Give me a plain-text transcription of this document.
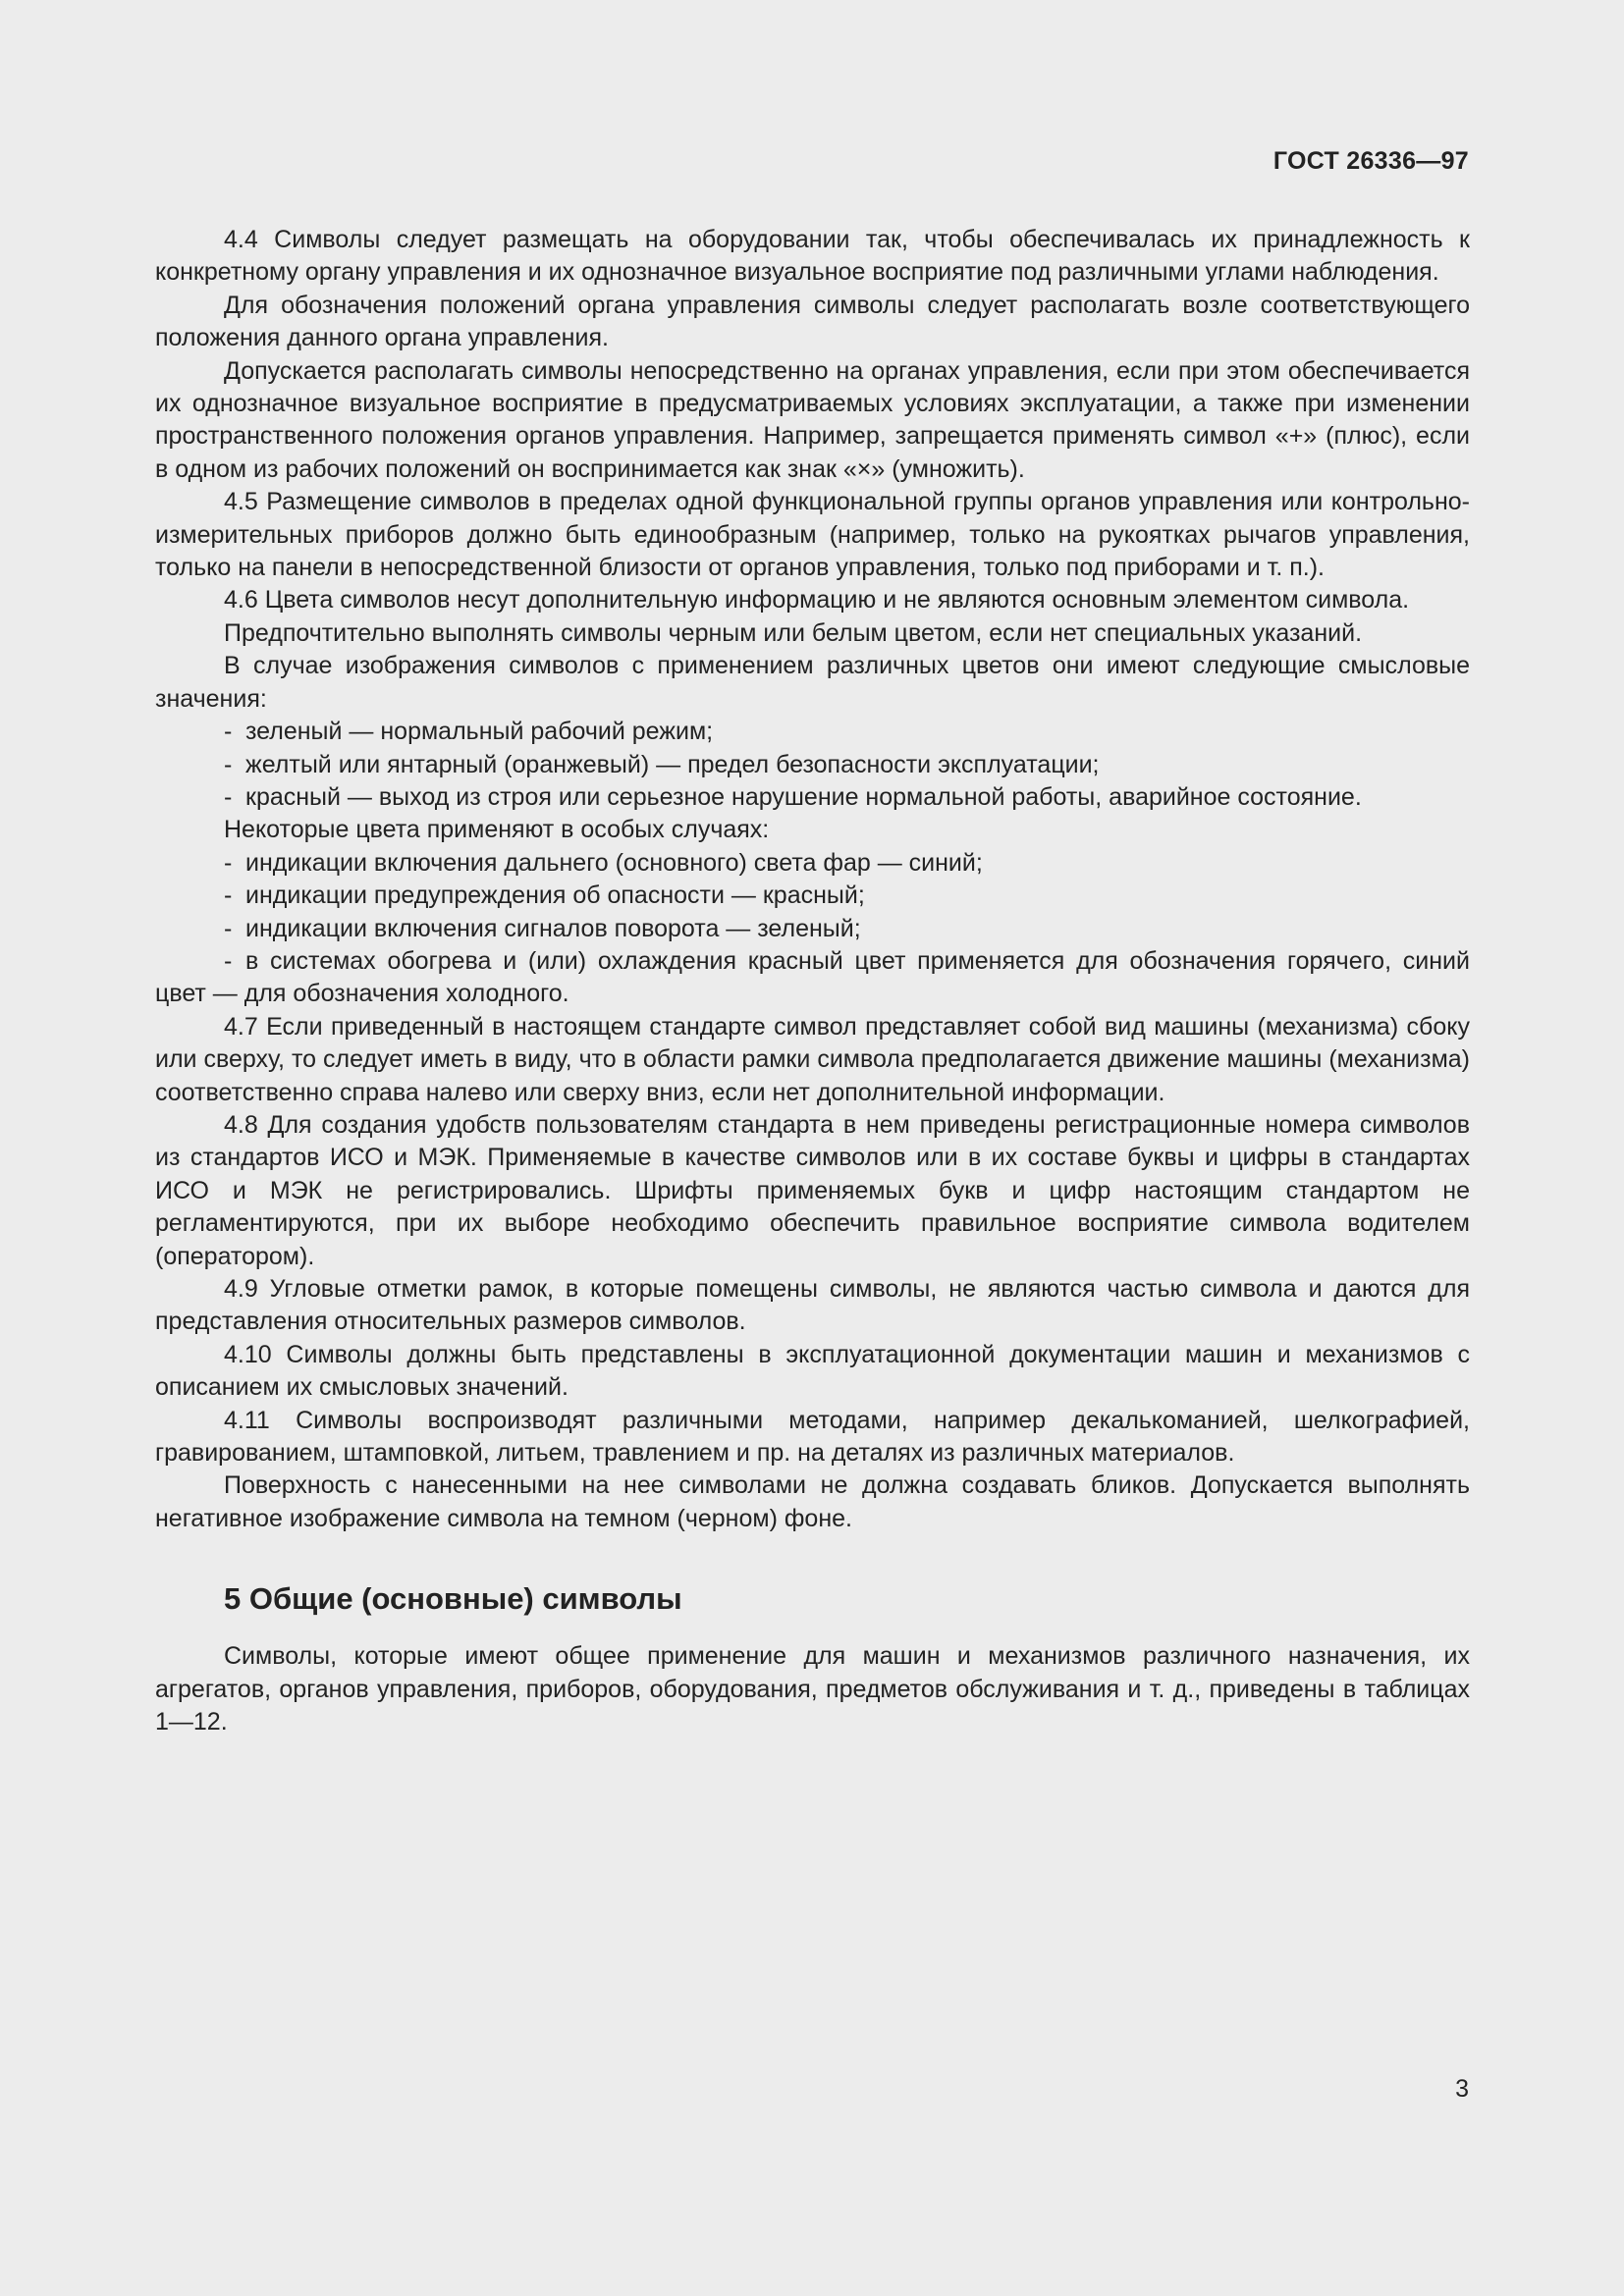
ГОСТ 26336—97

4.4 Символы следует размещать на оборудовании так, чтобы обеспечивалась их принадлежность к конкретному органу управления и их однозначное визуальное восприятие под различными углами наблюдения.

Для обозначения положений органа управления символы следует располагать возле соответствующего положения данного органа управления.

Допускается располагать символы непосредственно на органах управления, если при этом обеспечивается их однозначное визуальное восприятие в предусматриваемых условиях эксплуатации, а также при изменении пространственного положения органов управления. Например, запрещается применять символ «+» (плюс), если в одном из рабочих положений он воспринимается как знак «×» (умножить).

4.5 Размещение символов в пределах одной функциональной группы органов управления или контрольно-измерительных приборов должно быть единообразным (например, только на рукоятках рычагов управления, только на панели в непосредственной близости от органов управления, только под приборами и т. п.).

4.6 Цвета символов несут дополнительную информацию и не являются основным элементом символа.

Предпочтительно выполнять символы черным или белым цветом, если нет специальных указаний.

В случае изображения символов с применением различных цветов они имеют следующие смысловые значения:

- зеленый — нормальный рабочий режим;

- желтый или янтарный (оранжевый) — предел безопасности эксплуатации;

- красный — выход из строя или серьезное нарушение нормальной работы, аварийное состояние.

Некоторые цвета применяют в особых случаях:

- индикации включения дальнего (основного) света фар — синий;

- индикации предупреждения об опасности — красный;

- индикации включения сигналов поворота — зеленый;

- в системах обогрева и (или) охлаждения красный цвет применяется для обозначения горячего, синий цвет — для обозначения холодного.

4.7 Если приведенный в настоящем стандарте символ представляет собой вид машины (механизма) сбоку или сверху, то следует иметь в виду, что в области рамки символа предполагается движение машины (механизма) соответственно справа налево или сверху вниз, если нет дополнительной информации.

4.8 Для создания удобств пользователям стандарта в нем приведены регистрационные номера символов из стандартов ИСО и МЭК. Применяемые в качестве символов или в их составе буквы и цифры в стандартах ИСО и МЭК не регистрировались. Шрифты применяемых букв и цифр настоящим стандартом не регламентируются, при их выборе необходимо обеспечить правильное восприятие символа водителем (оператором).

4.9 Угловые отметки рамок, в которые помещены символы, не являются частью символа и даются для представления относительных размеров символов.

4.10 Символы должны быть представлены в эксплуатационной документации машин и механизмов с описанием их смысловых значений.

4.11 Символы воспроизводят различными методами, например декалькоманией, шелкографией, гравированием, штамповкой, литьем, травлением и пр. на деталях из различных материалов.

Поверхность с нанесенными на нее символами не должна создавать бликов. Допускается выполнять негативное изображение символа на темном (черном) фоне.

5 Общие (основные) символы

Символы, которые имеют общее применение для машин и механизмов различного назначения, их агрегатов, органов управления, приборов, оборудования, предметов обслуживания и т. д., приведены в таблицах 1—12.

3
